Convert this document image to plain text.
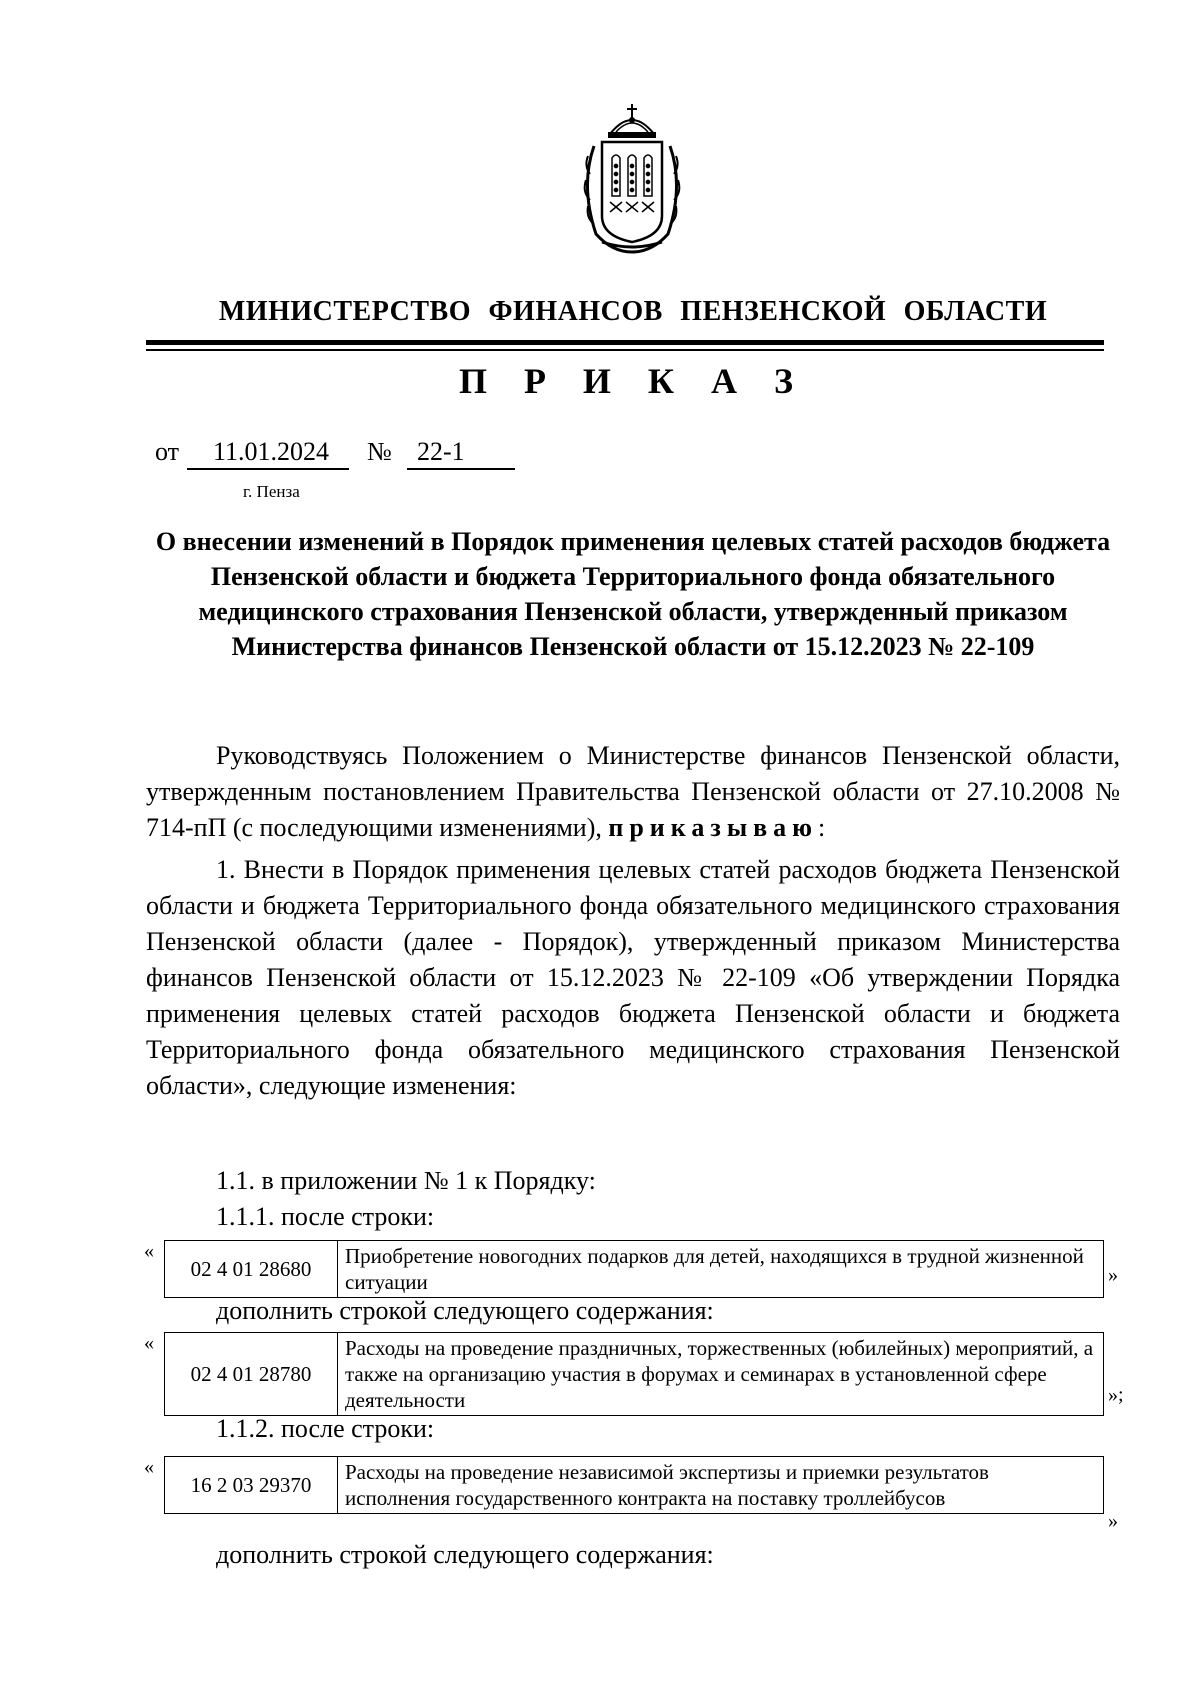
МИНИСТЕРСТВО ФИНАНСОВ ПЕНЗЕНСКОЙ ОБЛАСТИ
П Р И К А З
от 11.01.2024 № 22-1
г. Пенза
О внесении изменений в Порядок применения целевых статей расходов бюджета Пензенской области и бюджета Территориального фонда обязательного медицинского страхования Пензенской области, утвержденный приказом Министерства финансов Пензенской области от 15.12.2023 № 22-109
Руководствуясь Положением о Министерстве финансов Пензенской области, утвержденным постановлением Правительства Пензенской области от 27.10.2008 № 714-пП (с последующими изменениями), приказываю:
1. Внести в Порядок применения целевых статей расходов бюджета Пензенской области и бюджета Территориального фонда обязательного медицинского страхования Пензенской области (далее - Порядок), утвержденный приказом Министерства финансов Пензенской области от 15.12.2023 № 22-109 «Об утверждении Порядка применения целевых статей расходов бюджета Пензенской области и бюджета Территориального фонда обязательного медицинского страхования Пензенской области», следующие изменения:
1.1. в приложении № 1 к Порядку:
1.1.1. после строки:
«
02 4 01 28680	Приобретение новогодних подарков для детей, находящихся в трудной жизненной ситуации	»
дополнить строкой следующего содержания:
«
02 4 01 28780	Расходы на проведение праздничных, торжественных (юбилейных) мероприятий, а также на организацию участия в форумах и семинарах в установленной сфере деятельности	»;
1.1.2. после строки:
«
16 2 03 29370	Расходы на проведение независимой экспертизы и приемки результатов исполнения государственного контракта на поставку троллейбусов
»
дополнить строкой следующего содержания:
